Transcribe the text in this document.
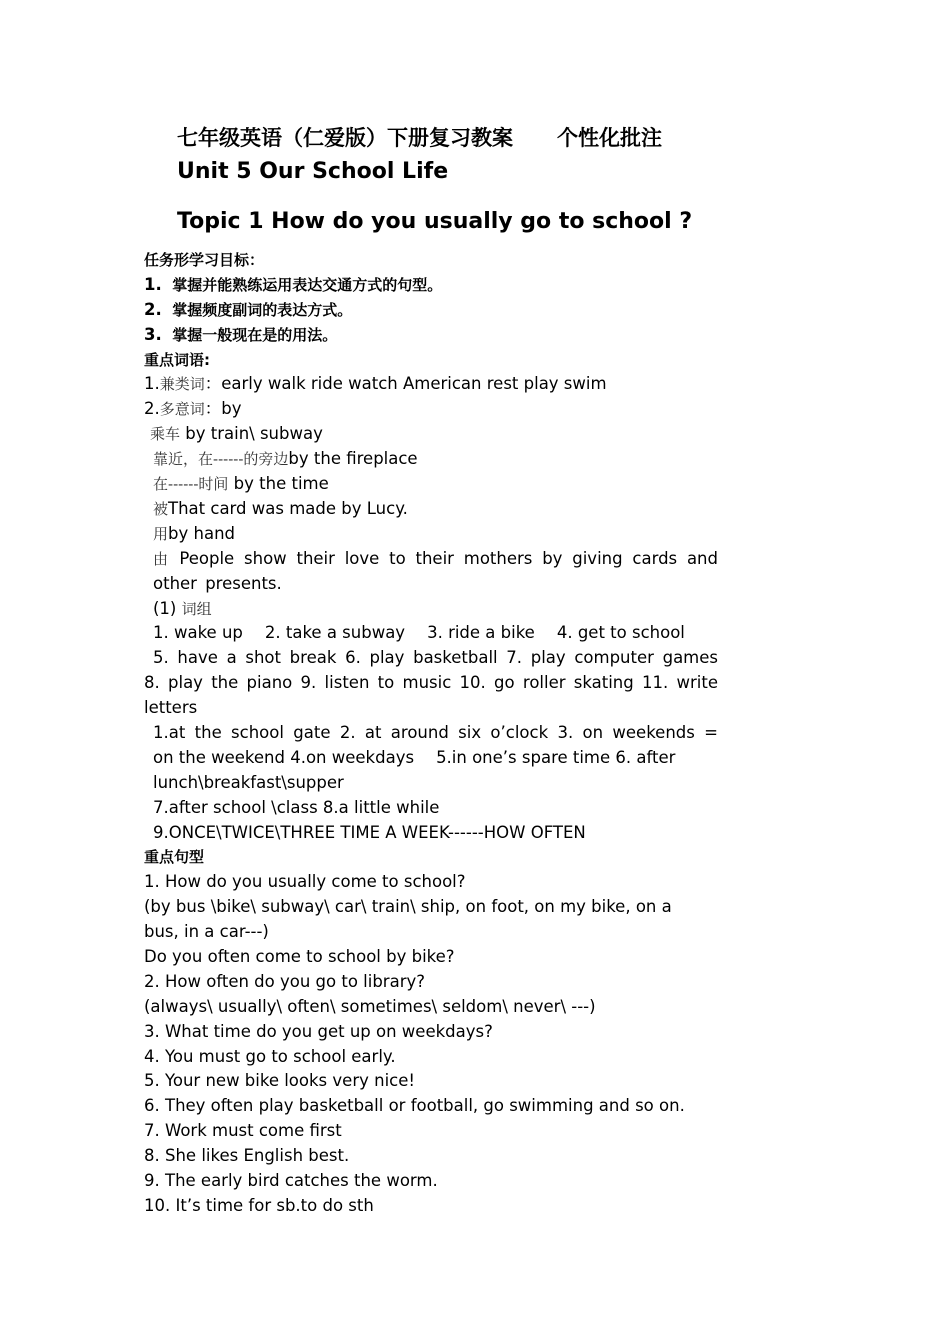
七年级英语（仁爱版）下册复习教案 个性化批注
Unit 5 Our School Life
Topic 1 How do you usually go to school ?
任务形学习目标：
1. 掌握并能熟练运用表达交通方式的句型。
2. 掌握频度副词的表达方式。
3. 掌握一般现在是的用法。
重点词语:
1.兼类词：early walk ride watch American rest play swim
2.多意词：by
乘车 by train\ subway
靠近，在------的旁边by the fireplace
在------时间 by the time
被That card was made by Lucy.
用by hand
由 People show their love to their mothers by giving cards and other presents.
(1) 词组
1. wake up 2. take a subway 3. ride a bike 4. get to school
5. have a shot break 6. play basketball 7. play computer games
8. play the piano 9. listen to music 10. go roller skating 11. write
letters
1.at the school gate 2. at around six o’clock 3. on weekends =
on the weekend 4.on weekdays 5.in one’s spare time 6. after
lunch\breakfast\supper
7.after school \class 8.a little while
9.ONCE\TWICE\THREE TIME A WEEK------HOW OFTEN
重点句型
1. How do you usually come to school?
(by bus \bike\ subway\ car\ train\ ship, on foot, on my bike, on a
bus, in a car---)
Do you often come to school by bike?
2. How often do you go to library?
(always\ usually\ often\ sometimes\ seldom\ never\ ---)
3. What time do you get up on weekdays?
4. You must go to school early.
5. Your new bike looks very nice!
6. They often play basketball or football, go swimming and so on.
7. Work must come first
8. She likes English best.
9. The early bird catches the worm.
10. It’s time for sb.to do sth
